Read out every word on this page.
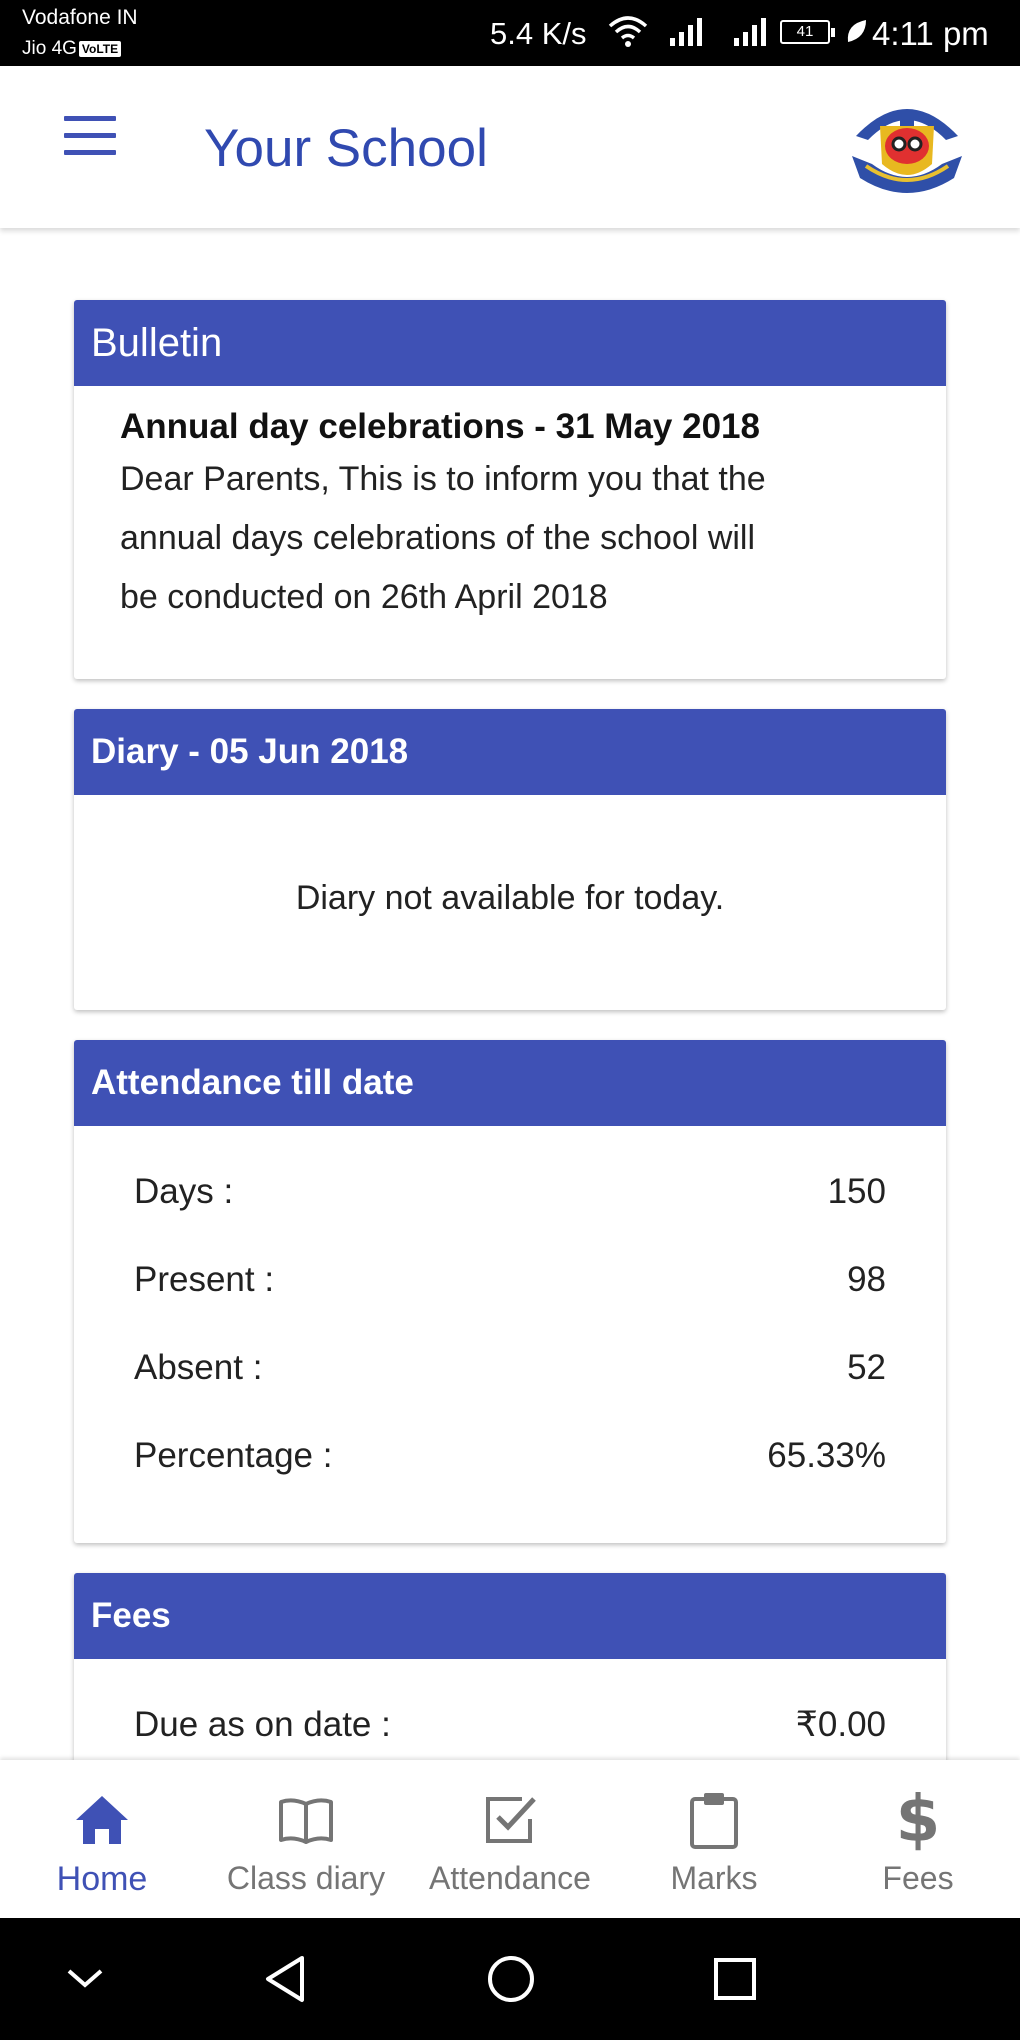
Vodafone IN
Jio 4G VoLTE	5.4 K/s	41	4:11 pm
Your School
Bulletin
Annual day celebrations - 31 May 2018
Dear Parents, This is to inform you that the
annual days celebrations of the school will
be conducted on 26th April 2018
Diary - 05 Jun 2018
Diary not available for today.
Attendance till date
Days :	150
Present :	98
Absent :	52
Percentage :	65.33%
Fees
Due as on date :	₹0.00
Home Class diary Attendance Marks
$
Fees
